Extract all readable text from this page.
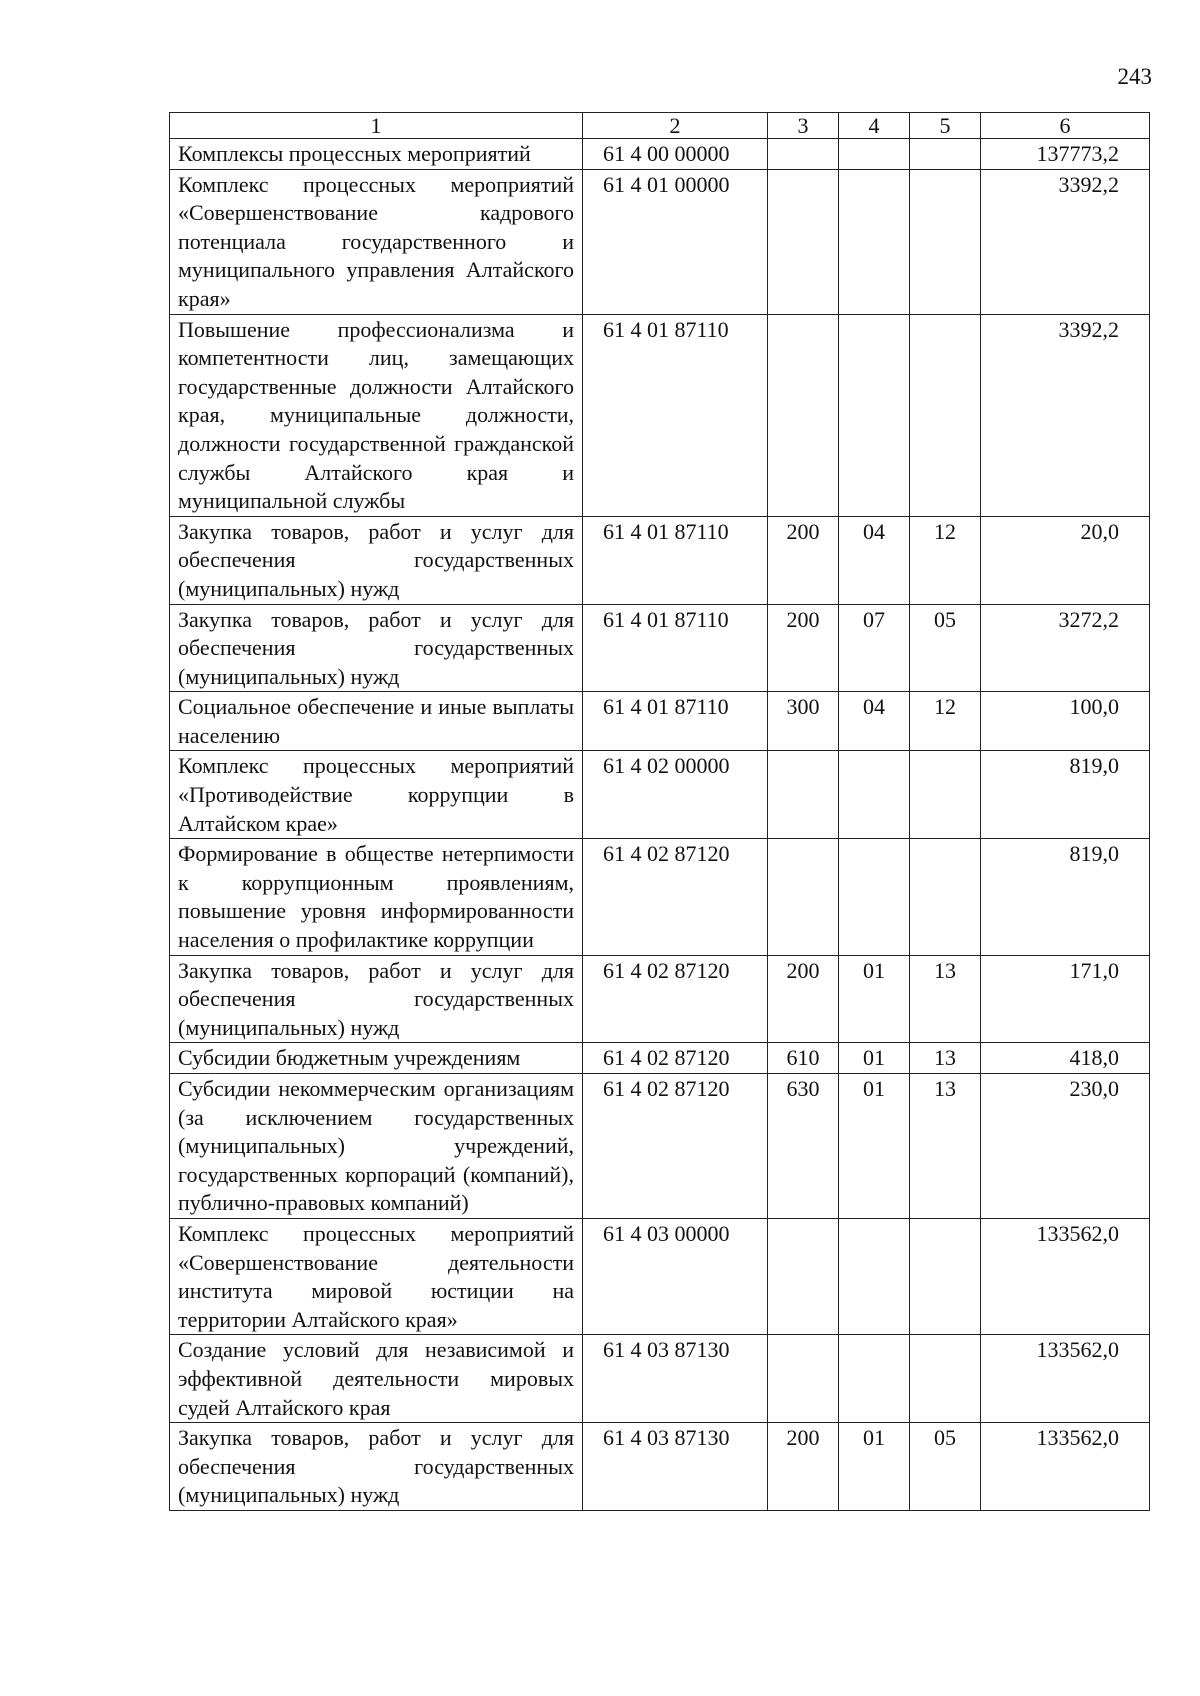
243
1	2	3	4	5	6
Комплексы процессных мероприятий	61 4 00 00000				137773,2
Комплекс процессных мероприятий «Совершенствование кадрового потенциала государственного и муниципального управления Алтайского края»	61 4 01 00000				3392,2
Повышение профессионализма и компетентности лиц, замещающих государственные должности Алтайского края, муниципальные должности, должности государственной гражданской службы Алтайского края и муниципальной службы	61 4 01 87110				3392,2
Закупка товаров, работ и услуг для обеспечения государственных (муниципальных) нужд	61 4 01 87110	200	04	12	20,0
Закупка товаров, работ и услуг для обеспечения государственных (муниципальных) нужд	61 4 01 87110	200	07	05	3272,2
Социальное обеспечение и иные выплаты населению	61 4 01 87110	300	04	12	100,0
Комплекс процессных мероприятий «Противодействие коррупции в Алтайском крае»	61 4 02 00000				819,0
Формирование в обществе нетерпимости к коррупционным проявлениям, повышение уровня информированности населения о профилактике коррупции	61 4 02 87120				819,0
Закупка товаров, работ и услуг для обеспечения государственных (муниципальных) нужд	61 4 02 87120	200	01	13	171,0
Субсидии бюджетным учреждениям	61 4 02 87120	610	01	13	418,0
Субсидии некоммерческим организациям (за исключением государственных (муниципальных) учреждений, государственных корпораций (компаний), публично-правовых компаний)	61 4 02 87120	630	01	13	230,0
Комплекс процессных мероприятий «Совершенствование деятельности института мировой юстиции на территории Алтайского края»	61 4 03 00000				133562,0
Создание условий для независимой и эффективной деятельности мировых судей Алтайского края	61 4 03 87130				133562,0
Закупка товаров, работ и услуг для обеспечения государственных (муниципальных) нужд	61 4 03 87130	200	01	05	133562,0
